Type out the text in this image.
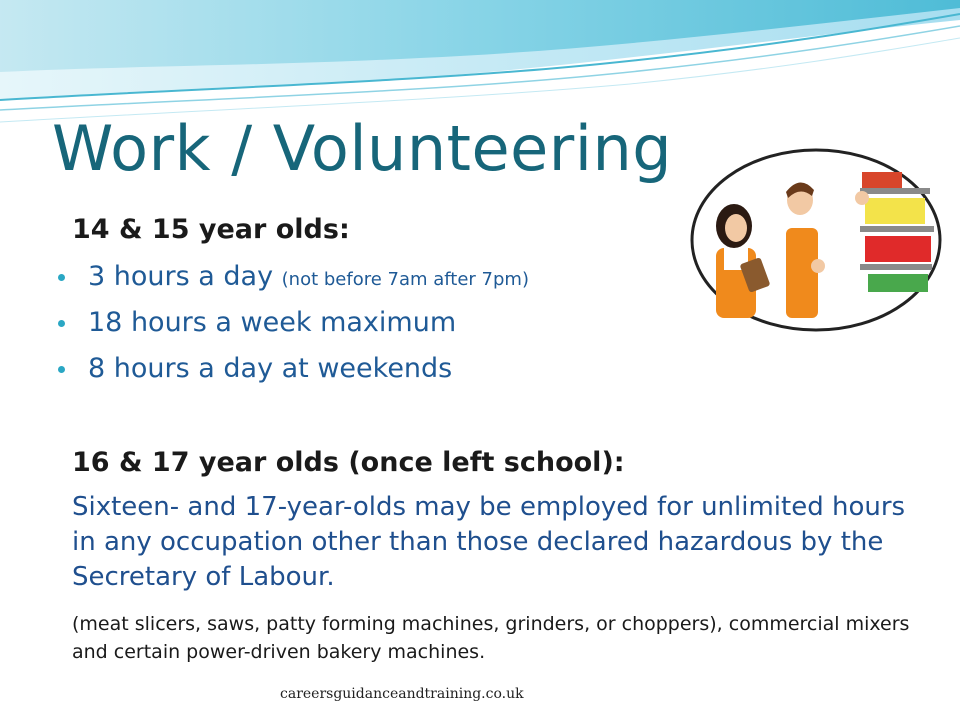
Work / Volunteering
14 & 15 year olds:
3 hours a day (not before 7am after 7pm)
18 hours a week maximum
8 hours a day at weekends
16 & 17 year olds (once left school):
Sixteen- and 17-year-olds may be employed for unlimited hours in any occupation other than those declared hazardous by the Secretary of Labour.
(meat slicers, saws, patty forming machines, grinders, or choppers), commercial mixers and certain power-driven bakery machines.
careersguidanceandtraining.co.uk
